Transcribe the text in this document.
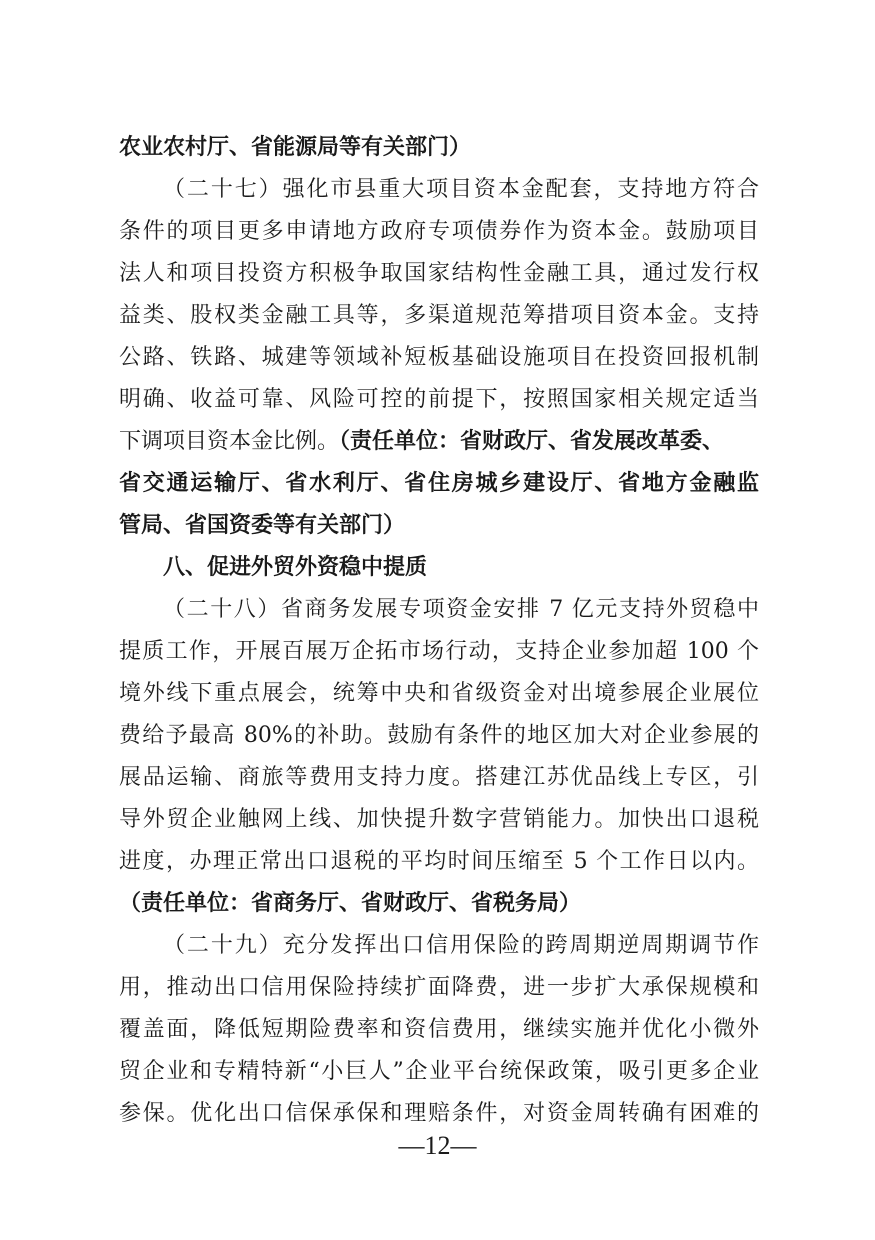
农业农村厅、省能源局等有关部门）
（二十七）强化市县重大项目资本金配套，支持地方符合
条件的项目更多申请地方政府专项债券作为资本金。鼓励项目
法人和项目投资方积极争取国家结构性金融工具，通过发行权
益类、股权类金融工具等，多渠道规范筹措项目资本金。支持
公路、铁路、城建等领域补短板基础设施项目在投资回报机制
明确、收益可靠、风险可控的前提下，按照国家相关规定适当
下调项目资本金比例。（责任单位：省财政厅、省发展改革委、
省交通运输厅、省水利厅、省住房城乡建设厅、省地方金融监
管局、省国资委等有关部门）
八、促进外贸外资稳中提质
（二十八）省商务发展专项资金安排 7 亿元支持外贸稳中
提质工作，开展百展万企拓市场行动，支持企业参加超 100 个
境外线下重点展会，统筹中央和省级资金对出境参展企业展位
费给予最高 80%的补助。鼓励有条件的地区加大对企业参展的
展品运输、商旅等费用支持力度。搭建江苏优品线上专区，引
导外贸企业触网上线、加快提升数字营销能力。加快出口退税
进度，办理正常出口退税的平均时间压缩至 5 个工作日以内。
（责任单位：省商务厅、省财政厅、省税务局）
（二十九）充分发挥出口信用保险的跨周期逆周期调节作
用，推动出口信用保险持续扩面降费，进一步扩大承保规模和
覆盖面，降低短期险费率和资信费用，继续实施并优化小微外
贸企业和专精特新“小巨人”企业平台统保政策，吸引更多企业
参保。优化出口信保承保和理赔条件，对资金周转确有困难的
—12—
